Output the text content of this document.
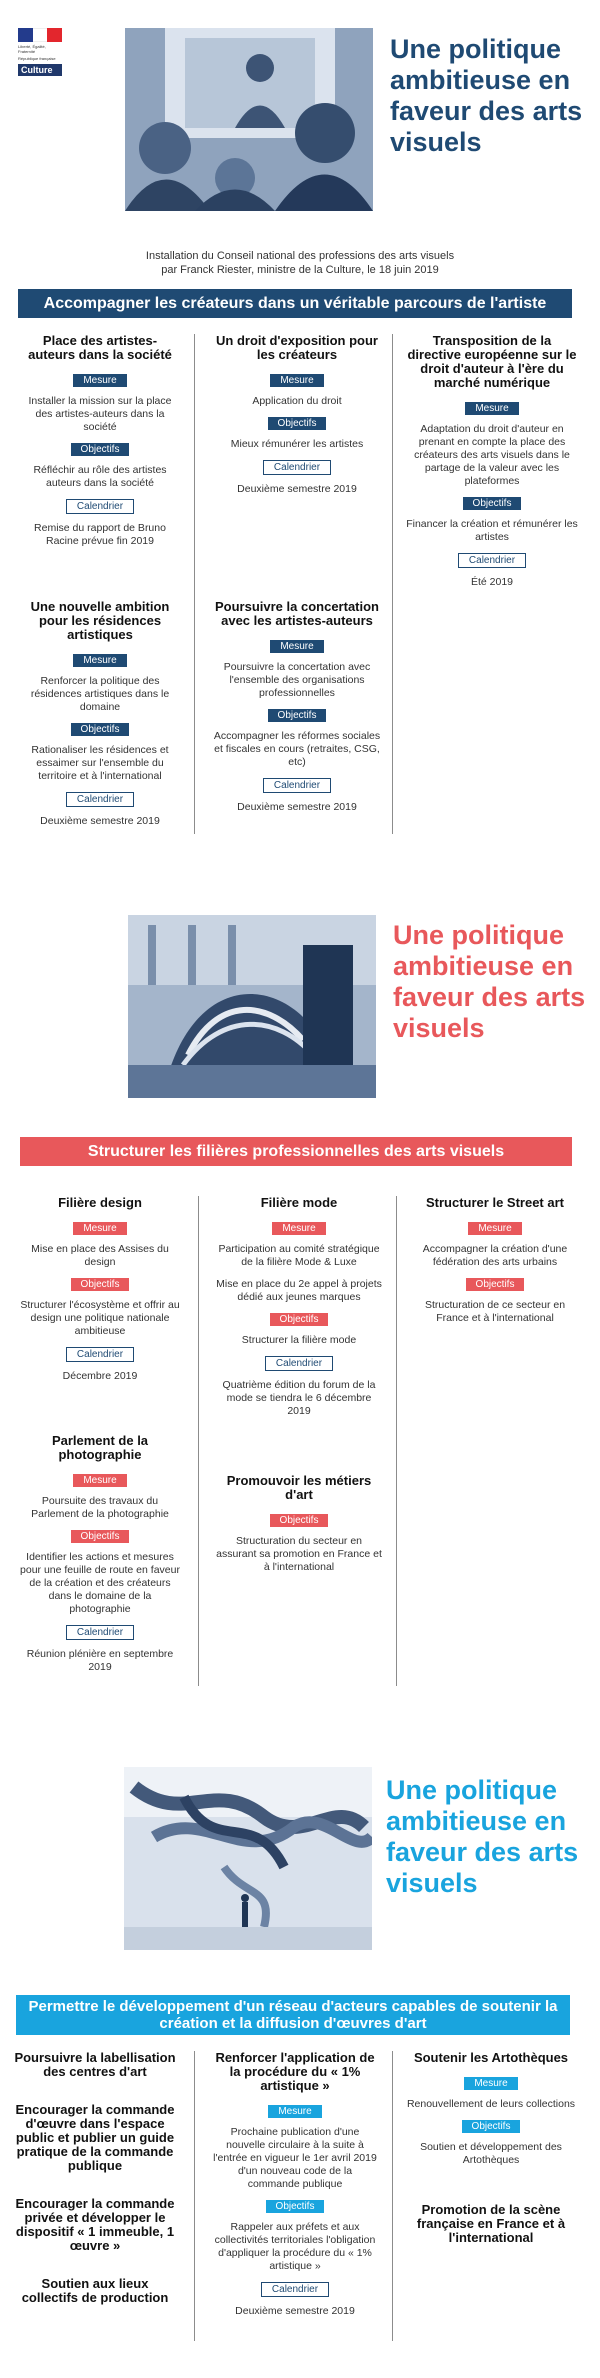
Liberté, Égalité, Fraternité
République française
Culture
Une politique ambitieuse en faveur des arts visuels
Installation du Conseil national des professions des arts visuels
par Franck Riester, ministre de la Culture, le 18 juin 2019
Accompagner les créateurs dans un véritable parcours de l'artiste
Place des artistes-auteurs dans la société
Mesure

Installer la mission sur la place des artistes-auteurs dans la société

Objectifs

Réfléchir au rôle des artistes auteurs dans la société

Calendrier

Remise du rapport de Bruno Racine prévue fin 2019

Une nouvelle ambition pour les résidences artistiques
Mesure

Renforcer la politique des résidences artistiques dans le domaine

Objectifs

Rationaliser les résidences et essaimer sur l'ensemble du territoire et à l'international

Calendrier

Deuxième semestre 2019

Un droit d'exposition pour les créateurs
Mesure

Application du droit

Objectifs

Mieux rémunérer les artistes

Calendrier

Deuxième semestre 2019

Poursuivre la concertation avec les artistes-auteurs
Mesure

Poursuivre la concertation avec l'ensemble des organisations professionnelles

Objectifs

Accompagner les réformes sociales et fiscales en cours (retraites, CSG, etc)

Calendrier

Deuxième semestre 2019

Transposition de la directive européenne sur le droit d'auteur à l'ère du marché numérique
Mesure

Adaptation du droit d'auteur en prenant en compte la place des créateurs des arts visuels dans le partage de la valeur avec les plateformes

Objectifs

Financer la création et rémunérer les artistes

Calendrier

Été 2019

Une politique ambitieuse en faveur des arts visuels
Structurer les filières professionnelles des arts visuels
Filière design
Mesure

Mise en place des Assises du design

Objectifs

Structurer l'écosystème et offrir au design une politique nationale ambitieuse

Calendrier

Décembre 2019

Parlement de la photographie
Mesure

Poursuite des travaux du Parlement de la photographie

Objectifs

Identifier les actions et mesures pour une feuille de route en faveur de la création et des créateurs dans le domaine de la photographie

Calendrier

Réunion plénière en septembre 2019

Filière mode
Mesure

Participation au comité stratégique de la filière Mode & Luxe

Mise en place du 2e appel à projets dédié aux jeunes marques

Objectifs

Structurer la filière mode

Calendrier

Quatrième édition du forum de la mode se tiendra le 6 décembre 2019

Promouvoir les métiers d'art
Objectifs

Structuration du secteur en assurant sa promotion en France et à l'international

Structurer le Street art
Mesure

Accompagner la création d'une fédération des arts urbains

Objectifs

Structuration de ce secteur en France et à l'international

Une politique ambitieuse en faveur des arts visuels
Permettre le développement d'un réseau d'acteurs capables de soutenir la création et la diffusion d'œuvres d'art
Poursuivre la labellisation des centres d'art
Encourager la commande d'œuvre dans l'espace public et publier un guide pratique de la commande publique
Encourager la commande privée et développer le dispositif « 1 immeuble, 1 œuvre »
Soutien aux lieux collectifs de production
Renforcer l'application de la procédure du « 1% artistique »
Mesure

Prochaine publication d'une nouvelle circulaire à la suite à l'entrée en vigueur le 1er avril 2019 d'un nouveau code de la commande publique

Objectifs

Rappeler aux préfets et aux collectivités territoriales l'obligation d'appliquer la procédure du « 1% artistique »

Calendrier

Deuxième semestre 2019

Soutenir les Artothèques
Mesure

Renouvellement de leurs collections

Objectifs

Soutien et développement des Artothèques

Promotion de la scène française en France et à l'international
